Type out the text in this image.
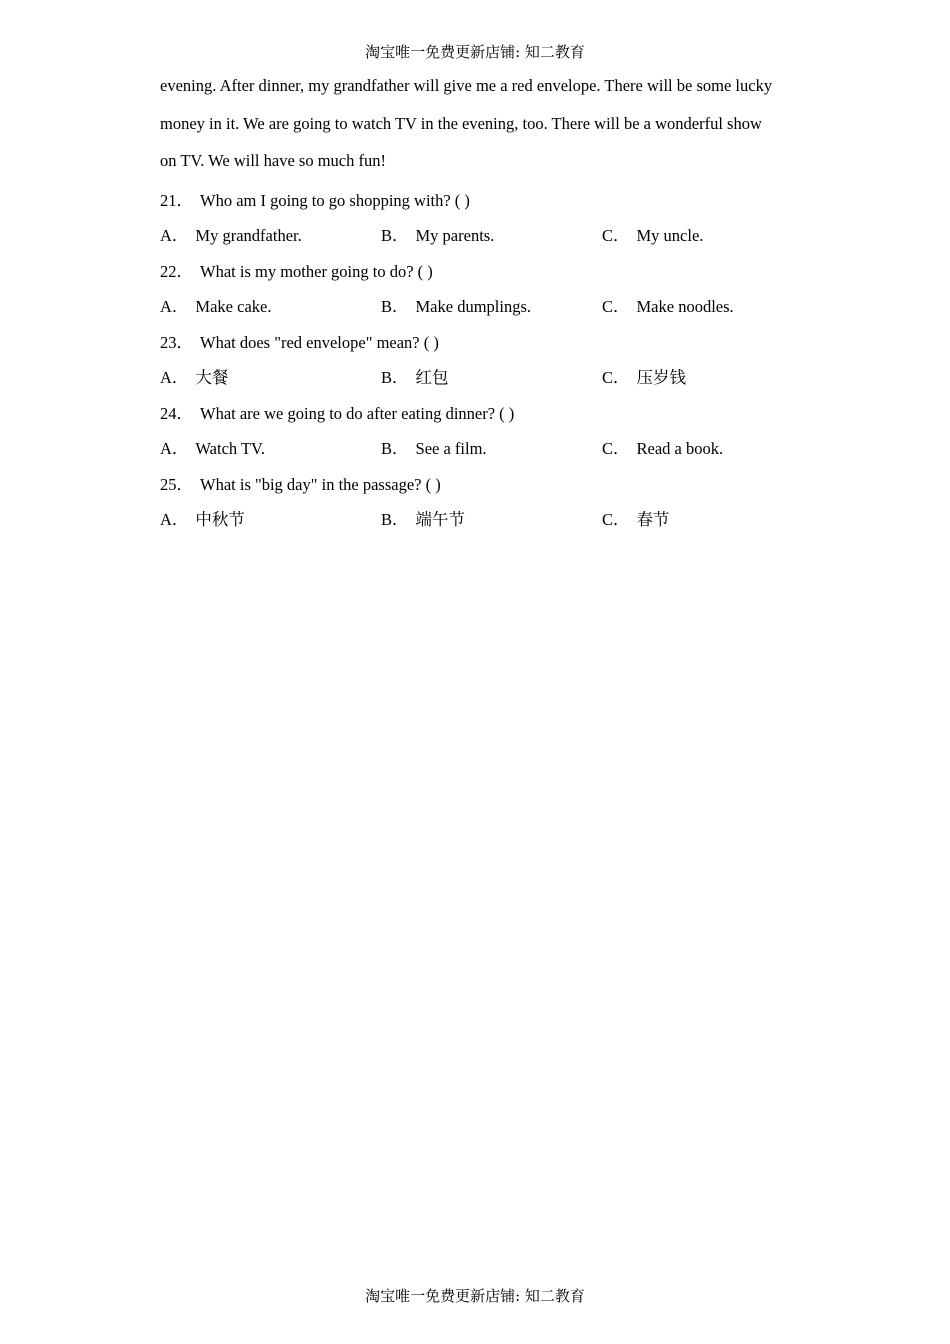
淘宝唯一免费更新店铺: 知二教育
evening. After dinner, my grandfather will give me a red envelope. There will be some lucky
money in it. We are going to watch TV in the evening, too. There will be a wonderful show
on TV. We will have so much fun!
21． Who am I going to go shopping with? ( )
A． My grandfather.	B． My parents.	C． My uncle.
22． What is my mother going to do? ( )
A． Make cake.	B． Make dumplings.	C． Make noodles.
23． What does "red envelope" mean? ( )
A． 大餐	B． 红包	C． 压岁钱
24． What are we going to do after eating dinner? ( )
A． Watch TV.	B． See a film.	C． Read a book.
25． What is "big day" in the passage? ( )
A． 中秋节	B． 端午节	C． 春节
淘宝唯一免费更新店铺: 知二教育
